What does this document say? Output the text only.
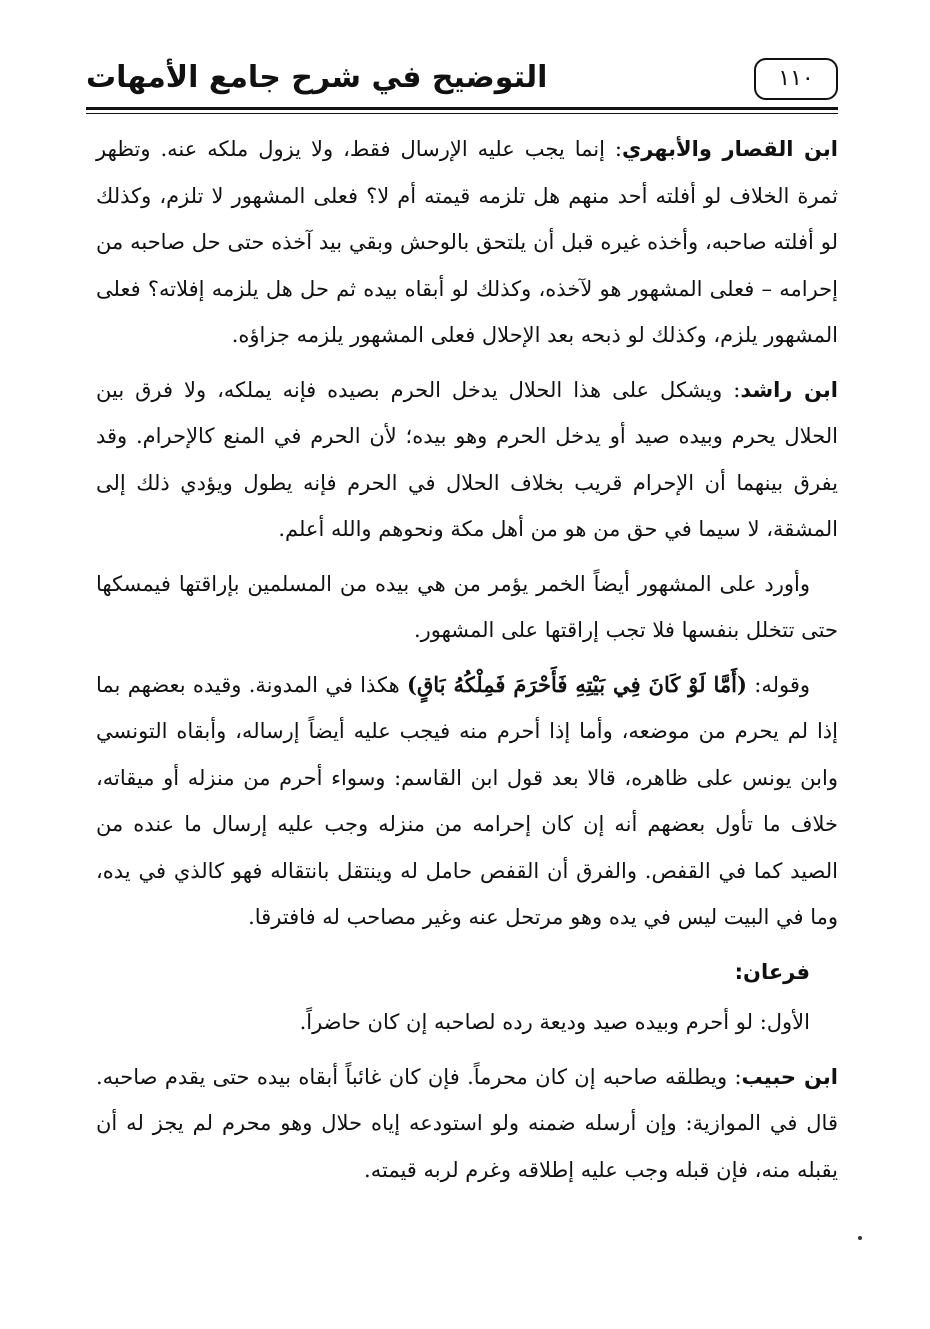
١١٠
التوضيح في شرح جامع الأمهات

ابن القصار والأبهري: إنما يجب عليه الإرسال فقط، ولا يزول ملكه عنه. وتظهر ثمرة الخلاف لو أفلته أحد منهم هل تلزمه قيمته أم لا؟ فعلى المشهور لا تلزم، وكذلك لو أفلته صاحبه، وأخذه غيره قبل أن يلتحق بالوحش وبقي بيد آخذه حتى حل صاحبه من إحرامه – فعلى المشهور هو لآخذه، وكذلك لو أبقاه بيده ثم حل هل يلزمه إفلاته؟ فعلى المشهور يلزم، وكذلك لو ذبحه بعد الإحلال فعلى المشهور يلزمه جزاؤه.

ابن راشد: ويشكل على هذا الحلال يدخل الحرم بصيده فإنه يملكه، ولا فرق بين الحلال يحرم وبيده صيد أو يدخل الحرم وهو بيده؛ لأن الحرم في المنع كالإحرام. وقد يفرق بينهما أن الإحرام قريب بخلاف الحلال في الحرم فإنه يطول ويؤدي ذلك إلى المشقة، لا سيما في حق من هو من أهل مكة ونحوهم والله أعلم.

وأورد على المشهور أيضاً الخمر يؤمر من هي بيده من المسلمين بإراقتها فيمسكها حتى تتخلل بنفسها فلا تجب إراقتها على المشهور.

وقوله: (أَمَّا لَوْ كَانَ فِي بَيْتِهِ فَأَحْرَمَ فَمِلْكُهُ بَاقٍ) هكذا في المدونة. وقيده بعضهم بما إذا لم يحرم من موضعه، وأما إذا أحرم منه فيجب عليه أيضاً إرساله، وأبقاه التونسي وابن يونس على ظاهره، قالا بعد قول ابن القاسم: وسواء أحرم من منزله أو ميقاته، خلاف ما تأول بعضهم أنه إن كان إحرامه من منزله وجب عليه إرسال ما عنده من الصيد كما في القفص. والفرق أن القفص حامل له وينتقل بانتقاله فهو كالذي في يده، وما في البيت ليس في يده وهو مرتحل عنه وغير مصاحب له فافترقا.

فرعان:

الأول: لو أحرم وبيده صيد وديعة رده لصاحبه إن كان حاضراً.

ابن حبيب: ويطلقه صاحبه إن كان محرماً. فإن كان غائباً أبقاه بيده حتى يقدم صاحبه. قال في الموازية: وإن أرسله ضمنه ولو استودعه إياه حلال وهو محرم لم يجز له أن يقبله منه، فإن قبله وجب عليه إطلاقه وغرم لربه قيمته.
